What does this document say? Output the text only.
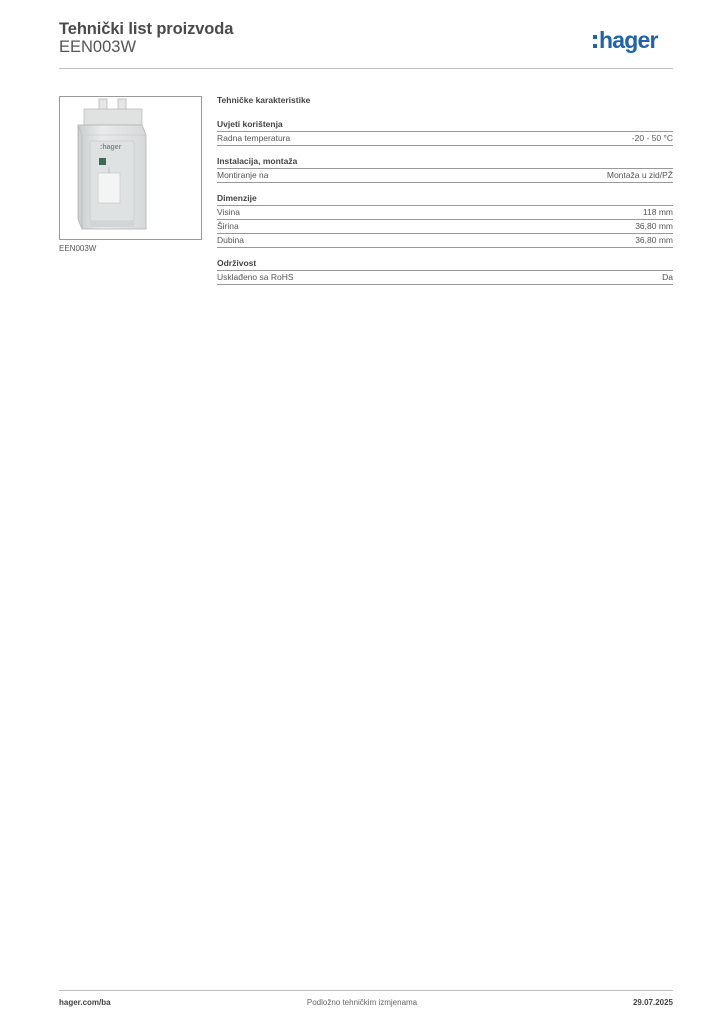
Tehnički list proizvoda
EEN003W	hager
:hager
EEN003W
Tehničke karakteristike
Uvjeti korištenja
Radna temperatura	-20 - 50 °C
Instalacija, montaža
Montiranje na	Montaža u zid/PŽ
Dimenzije
Visina	118 mm
Širina	36,80 mm
Dubina	36,80 mm
Održivost
Usklađeno sa RoHS	Da
hager.com/ba	Podložno tehničkim izmjenama	29.07.2025
